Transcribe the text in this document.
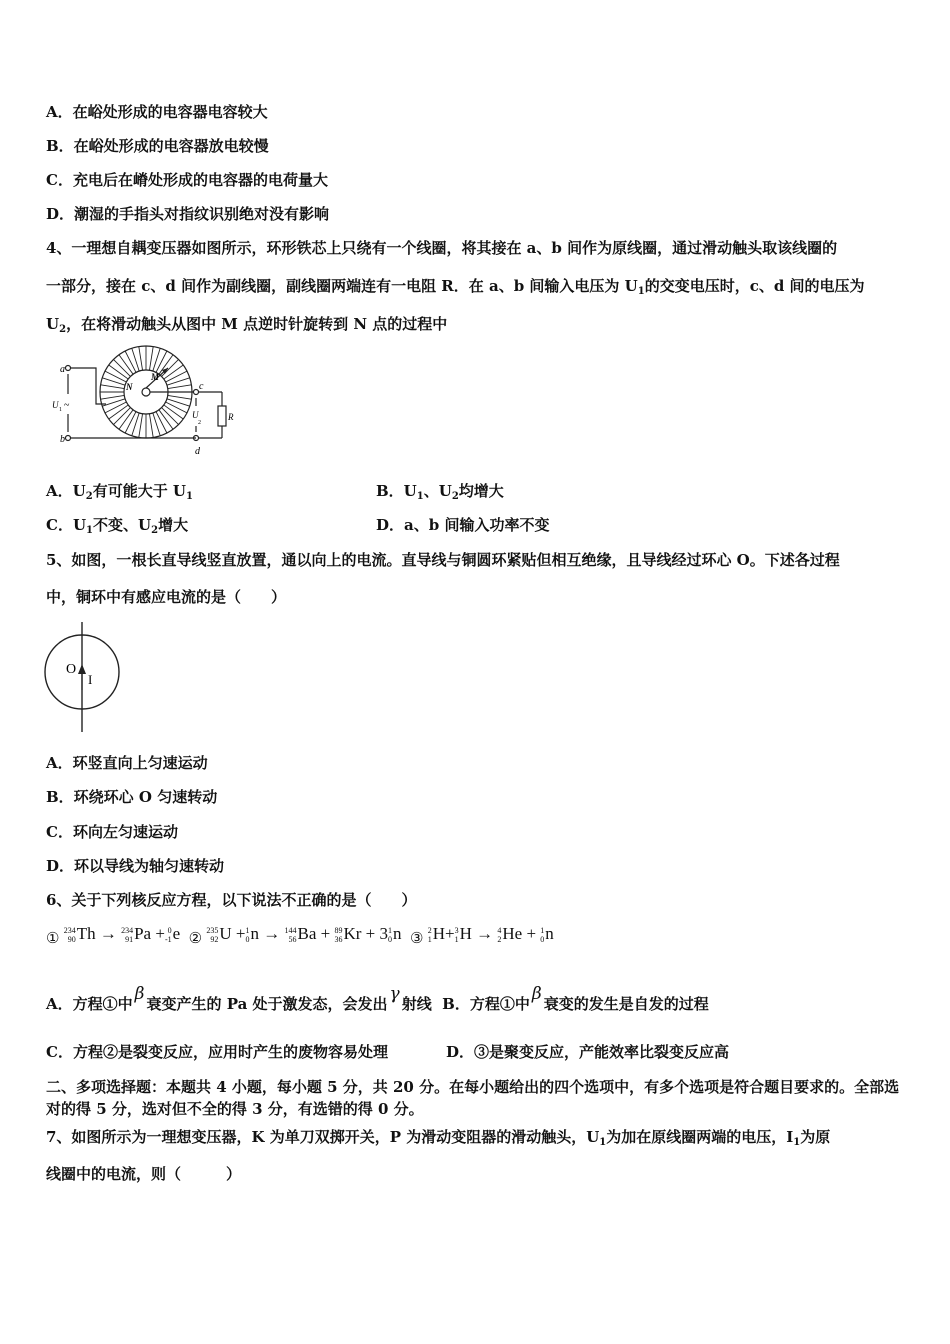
A．在峪处形成的电容器电容较大
B．在峪处形成的电容器放电较慢
C．充电后在嵴处形成的电容器的电荷量大
D．潮湿的手指头对指纹识别绝对没有影响
4、一理想自耦变压器如图所示，环形铁芯上只绕有一个线圈，将其接在 a、b 间作为原线圈，通过滑动触头取该线圈的
一部分，接在 c、d 间作为副线圈，副线圈两端连有一电阻 R．在 a、b 间输入电压为 $U_1$的交变电压时，c、d 间的电压为
$U_2$，在将滑动触头从图中 M 点逆时针旋转到 N 点的过程中
a
b
c
d
U 1 ~
U
2
R
M
N
A．$U_2$有可能大于 $U_1$	B．$U_1$、$U_2$均增大
C．$U_1$不变、$U_2$增大	D．a、b 间输入功率不变
5、如图，一根长直导线竖直放置，通以向上的电流。直导线与铜圆环紧贴但相互绝缘，且导线经过环心 O。下述各过程
中，铜环中有感应电流的是（　　）
O
I
A．环竖直向上匀速运动
B．环绕环心 O 匀速转动
C．环向左匀速运动
D．环以导线为轴匀速转动
6、关于下列核反应方程，以下说法不正确的是（　　）
①
234
90 Th → 234
91 Pa + 0
-1 e ②
235
92 U + 1
0 n → 144
56 Ba + 89
36 Kr + 3 1
0 n ③
2
1 H+ 3
1 H → 4
2 He + 1
0 n
A．方程①中 β 衰变产生的 Pa 处于激发态，会发出 γ 射线 B．方程①中 β 衰变的发生是自发的过程
C．方程②是裂变反应，应用时产生的废物容易处理	D．③是聚变反应，产能效率比裂变反应高
二、多项选择题：本题共 4 小题，每小题 5 分，共 20 分。在每小题给出的四个选项中，有多个选项是符合题目要求的。全部选对的得 5 分，选对但不全的得 3 分，有选错的得 0 分。
7、如图所示为一理想变压器，K 为单刀双掷开关，P 为滑动变阻器的滑动触头，$U_1$为加在原线圈两端的电压，$I_1$为原
线圈中的电流，则（　　　）
